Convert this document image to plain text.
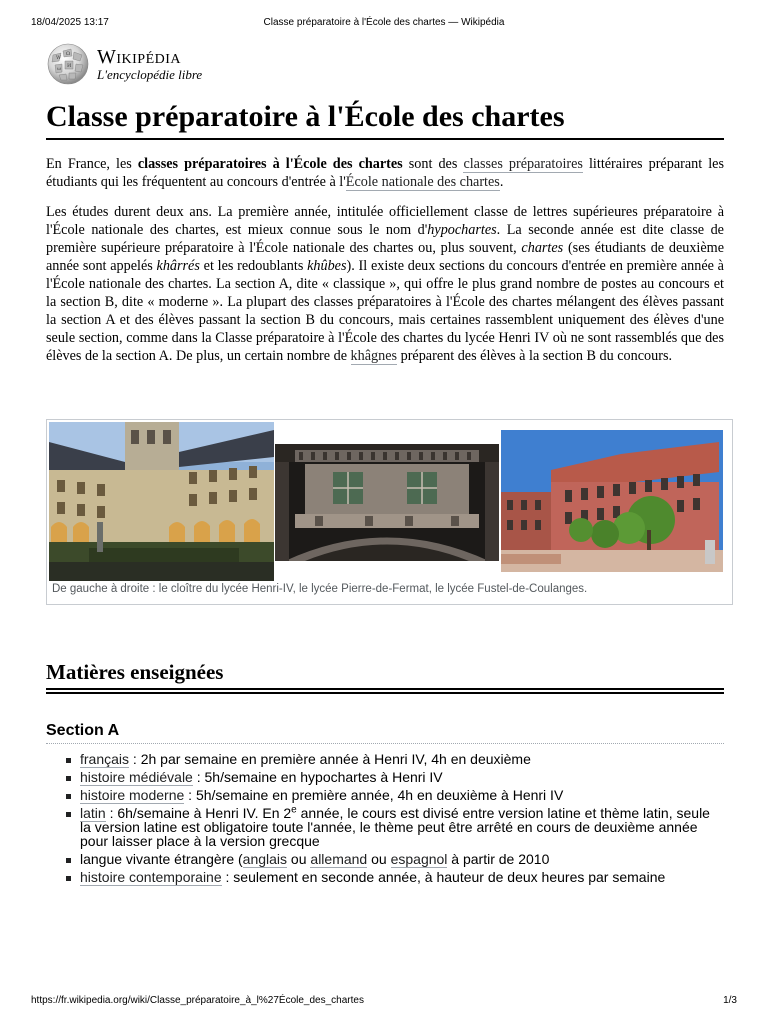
18/04/2025 13:17	Classe préparatoire à l'École des chartes — Wikipédia
W
Ω
И
ω
Wikipédia
L'encyclopédie libre
Classe préparatoire à l'École des chartes

En France, les classes préparatoires à l'École des chartes sont des classes préparatoires littéraires préparant les étudiants qui les fréquentent au concours d'entrée à l'École nationale des chartes.

Les études durent deux ans. La première année, intitulée officiellement classe de lettres supérieures préparatoire à l'École nationale des chartes, est mieux connue sous le nom d'hypochartes. La seconde année est dite classe de première supérieure préparatoire à l'École nationale des chartes ou, plus souvent, chartes (ses étudiants de deuxième année sont appelés khârrés et les redoublants khûbes). Il existe deux sections du concours d'entrée en première année à l'École nationale des chartes. La section A, dite « classique », qui offre le plus grand nombre de postes au concours et la section B, dite « moderne ». La plupart des classes préparatoires à l'École des chartes mélangent des élèves passant la section A et des élèves passant la section B du concours, mais certaines rassemblent uniquement des élèves d'une seule section, comme dans la Classe préparatoire à l'École des chartes du lycée Henri IV où ne sont rassemblés que des élèves de la section A. De plus, un certain nombre de khâgnes préparent des élèves à la section B du concours.

De gauche à droite : le cloître du lycée Henri-IV, le lycée Pierre-de-Fermat, le lycée Fustel-de-Coulanges.
Matières enseignées
Section A
français : 2h par semaine en première année à Henri IV, 4h en deuxième
histoire médiévale : 5h/semaine en hypochartes à Henri IV
histoire moderne : 5h/semaine en première année, 4h en deuxième à Henri IV
latin : 6h/semaine à Henri IV. En 2e année, le cours est divisé entre version latine et thème latin, seule la version latine est obligatoire toute l'année, le thème peut être arrêté en cours de deuxième année pour laisser place à la version grecque
langue vivante étrangère (anglais ou allemand ou espagnol à partir de 2010
histoire contemporaine : seulement en seconde année, à hauteur de deux heures par semaine
https://fr.wikipedia.org/wiki/Classe_préparatoire_à_l%27École_des_chartes	1/3
